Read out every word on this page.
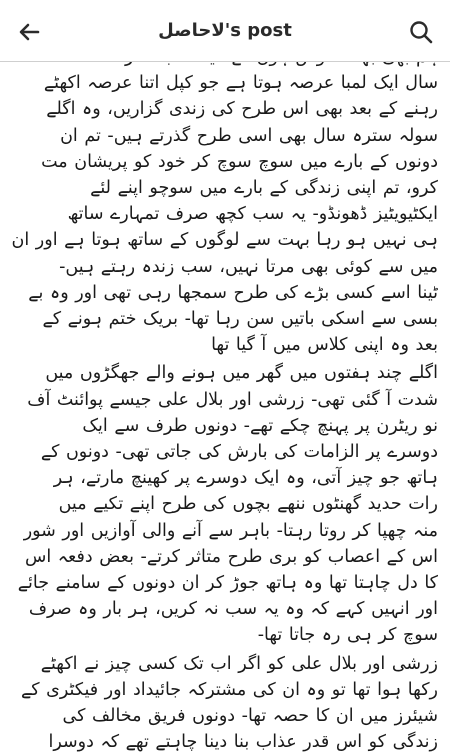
لاحاصل's post
سال ایک لمبا عرصہ ہوتا ہے جو کپل اتنا عرصہ اکھٹے
رہنے کے بعد بھی اس طرح کی زندی گزاریں، وہ اگلے
سولہ سترہ سال بھی اسی طرح گذرتے ہیں- تم ان
دونوں کے بارے میں سوچ سوچ کر خود کو پریشان مت
کرو، تم اپنی زندگی کے بارے میں سوچو اپنے لئے
ایکٹیویٹیز ڈھونڈو- یہ سب کچھ صرف تمہارے ساتھ
ہی نہیں ہو رہا بہت سے لوگوں کے ساتھ ہوتا ہے اور ان
میں سے کوئی بھی مرتا نہیں، سب زندہ رہتے ہیں-
ٹینا اسے کسی بڑے کی طرح سمجھا رہی تھی اور وہ بے
بسی سے اسکی باتیں سن رہا تھا- بریک ختم ہونے کے
بعد وہ اپنی کلاس میں آ گیا تھا
اگلے چند ہفتوں میں گھر میں ہونے والے جھگڑوں میں
شدت آ گئی تھی- زرشی اور بلال علی جیسے پوائنٹ آف
نو ریٹرن پر پہنچ چکے تھے- دونوں طرف سے ایک
دوسرے پر الزامات کی بارش کی جاتی تھی- دونوں کے
ہاتھ جو چیز آتی، وہ ایک دوسرے پر کھینچ مارتے، ہر
رات حدید گھنٹوں ننھے بچوں کی طرح اپنے تکیے میں
منہ چھپا کر روتا رہتا- باہر سے آنے والی آوازیں اور شور
اس کے اعصاب کو بری طرح متاثر کرتے- بعض دفعہ اس
کا دل چاہتا تھا وہ ہاتھ جوڑ کر ان دونوں کے سامنے جائے
اور انہیں کہے کہ وہ یہ سب نہ کریں، ہر بار وہ صرف
سوچ کر ہی رہ جاتا تھا-
زرشی اور بلال علی کو اگر اب تک کسی چیز نے اکھٹے
رکھا ہوا تھا تو وہ ان کی مشترکہ جائیداد اور فیکٹری کے
شیئرز میں ان کا حصہ تھا- دونوں فریق مخالف کی
زندگی کو اس قدر عذاب بنا دینا چاہتے تھے کہ دوسرا
